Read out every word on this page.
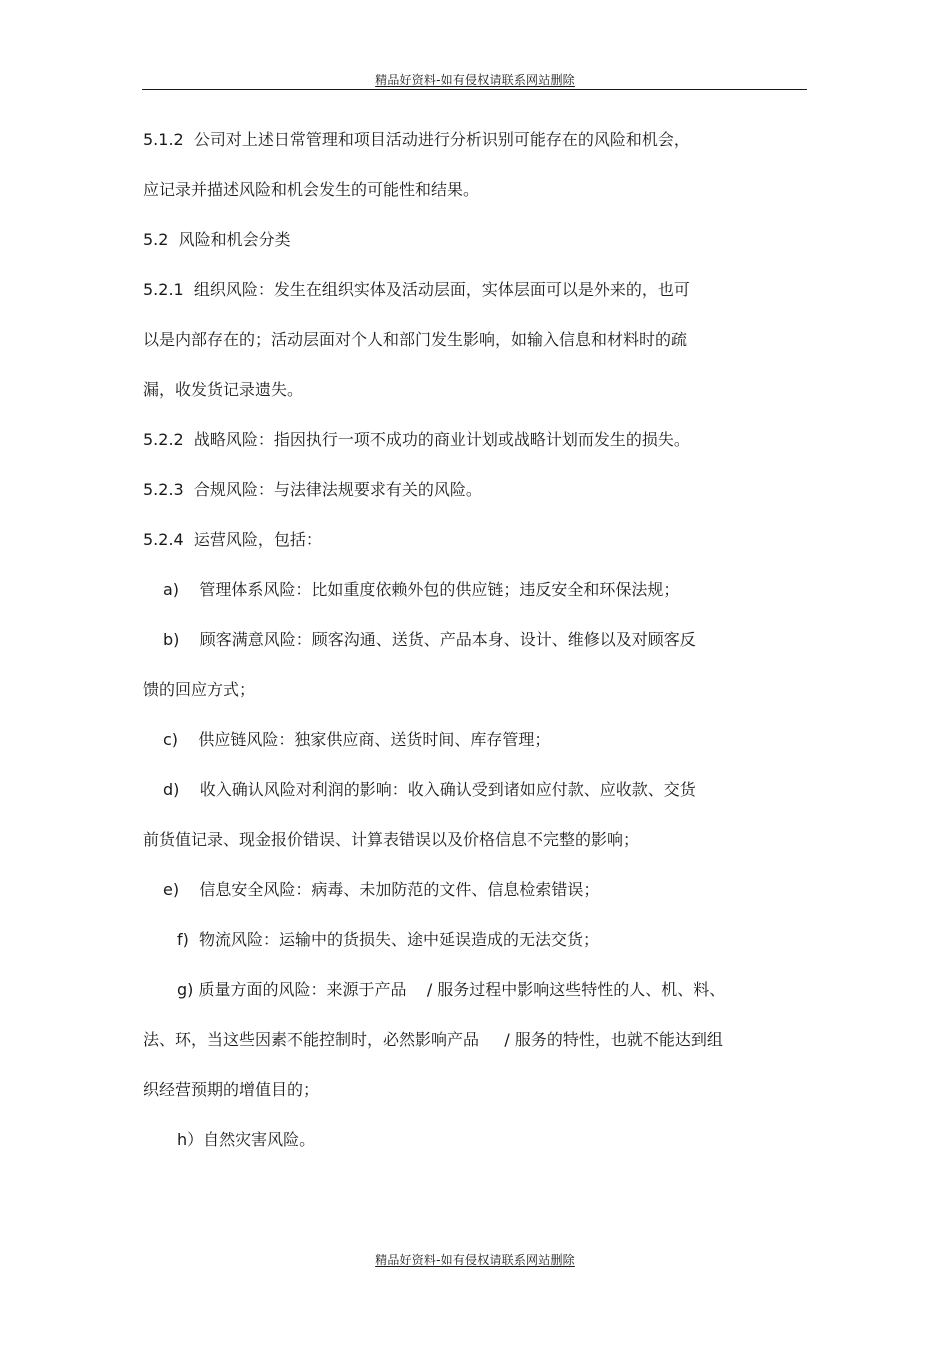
精品好资料-如有侵权请联系网站删除
5.1.2  公司对上述日常管理和项目活动进行分析识别可能存在的风险和机会，
应记录并描述风险和机会发生的可能性和结果。
5.2  风险和机会分类
5.2.1  组织风险：发生在组织实体及活动层面，实体层面可以是外来的，也可
以是内部存在的；活动层面对个人和部门发生影响，如输入信息和材料时的疏
漏，收发货记录遗失。
5.2.2  战略风险：指因执行一项不成功的商业计划或战略计划而发生的损失。
5.2.3  合规风险：与法律法规要求有关的风险。
5.2.4  运营风险，包括：
a)    管理体系风险：比如重度依赖外包的供应链；违反安全和环保法规；
b)    顾客满意风险：顾客沟通、送货、产品本身、设计、维修以及对顾客反
馈的回应方式；
c)    供应链风险：独家供应商、送货时间、库存管理；
d)    收入确认风险对利润的影响：收入确认受到诸如应付款、应收款、交货
前货值记录、现金报价错误、计算表错误以及价格信息不完整的影响；
e)    信息安全风险：病毒、未加防范的文件、信息检索错误；
f)  物流风险：运输中的货损失、途中延误造成的无法交货；
g) 质量方面的风险：来源于产品    / 服务过程中影响这些特性的人、机、料、
法、环，当这些因素不能控制时，必然影响产品     / 服务的特性，也就不能达到组
织经营预期的增值目的；
h）自然灾害风险。
精品好资料-如有侵权请联系网站删除
